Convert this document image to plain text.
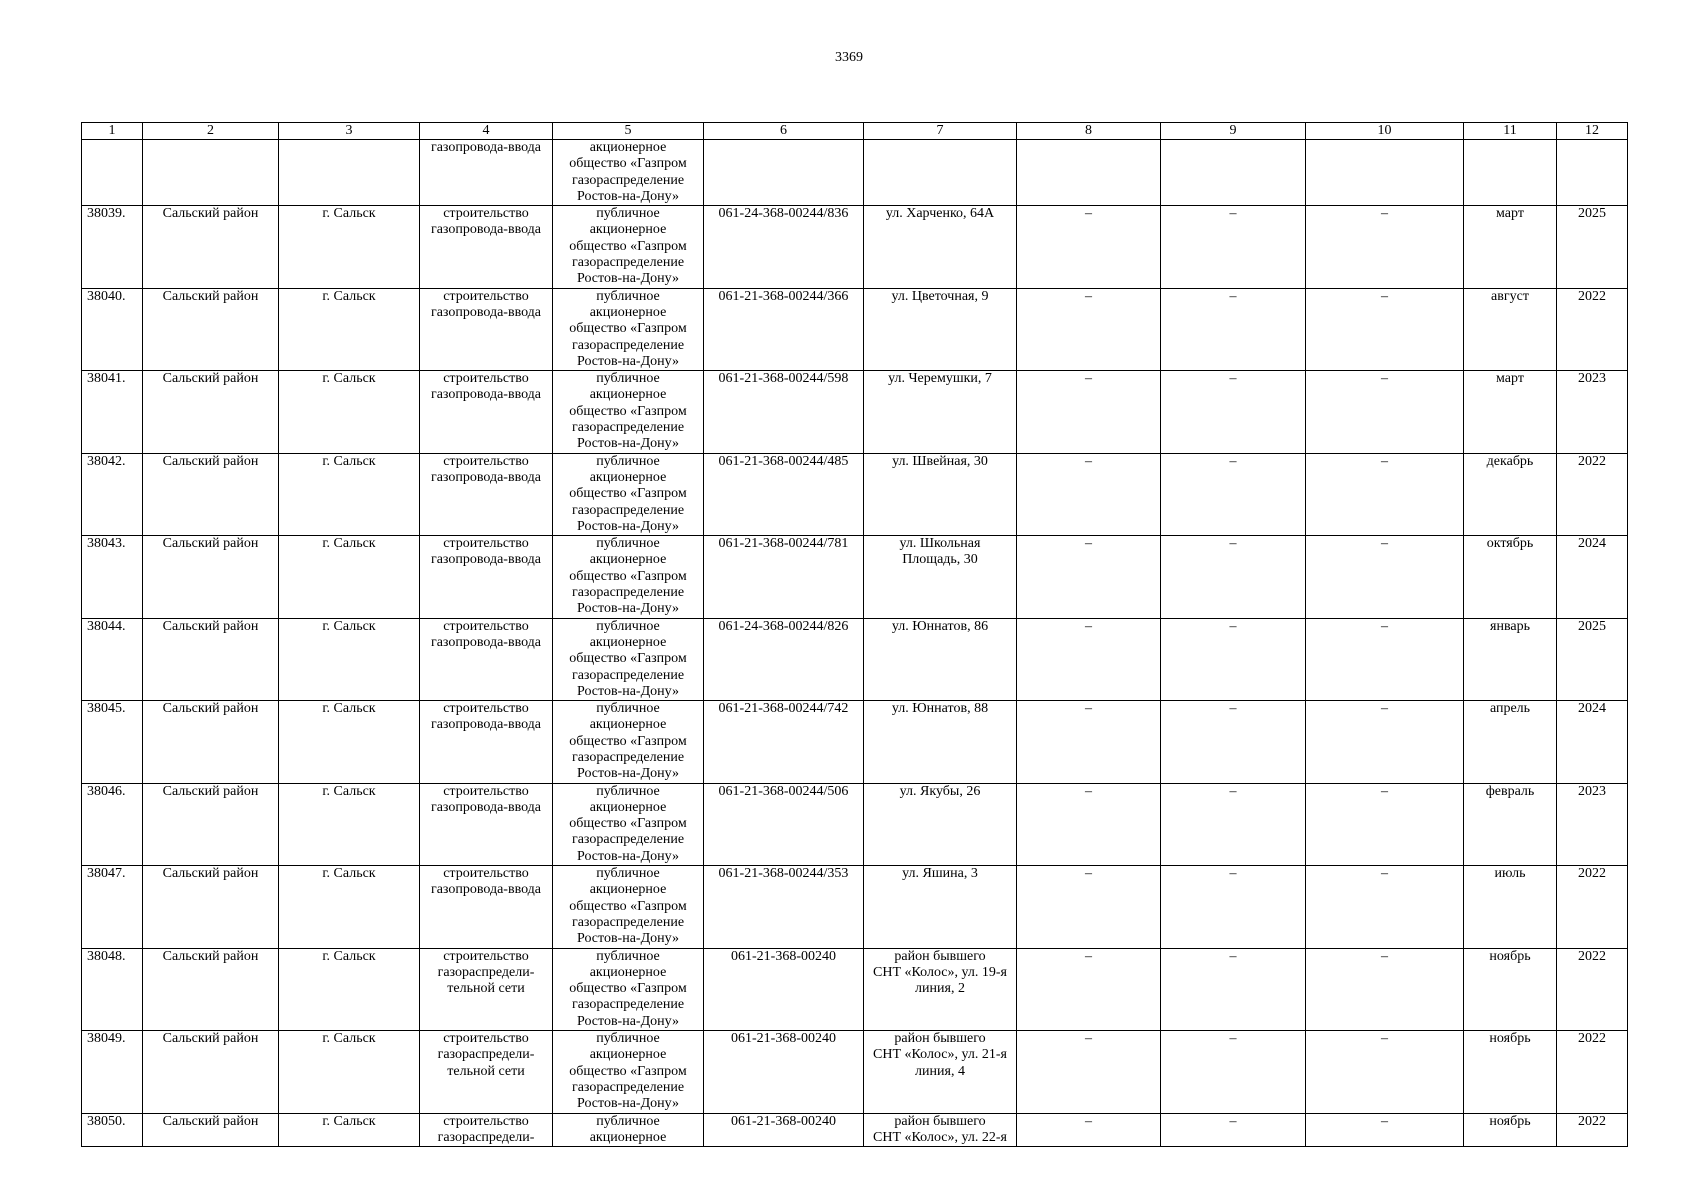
3369
1	2	3	4	5	6	7	8	9	10	11	12

			газопровода-ввода	акционерное
общество «Газпром
газораспределение
Ростов-на-Дону»							

38039.	Сальский район	г. Сальск	строительство
газопровода-ввода	публичное
акционерное
общество «Газпром
газораспределение
Ростов-на-Дону»	061-24-368-00244/836	ул. Харченко, 64А	–	–	–	март	2025

38040.	Сальский район	г. Сальск	строительство
газопровода-ввода	публичное
акционерное
общество «Газпром
газораспределение
Ростов-на-Дону»	061-21-368-00244/366	ул. Цветочная, 9	–	–	–	август	2022

38041.	Сальский район	г. Сальск	строительство
газопровода-ввода	публичное
акционерное
общество «Газпром
газораспределение
Ростов-на-Дону»	061-21-368-00244/598	ул. Черемушки, 7	–	–	–	март	2023

38042.	Сальский район	г. Сальск	строительство
газопровода-ввода	публичное
акционерное
общество «Газпром
газораспределение
Ростов-на-Дону»	061-21-368-00244/485	ул. Швейная, 30	–	–	–	декабрь	2022

38043.	Сальский район	г. Сальск	строительство
газопровода-ввода	публичное
акционерное
общество «Газпром
газораспределение
Ростов-на-Дону»	061-21-368-00244/781	ул. Школьная
Площадь, 30	–	–	–	октябрь	2024

38044.	Сальский район	г. Сальск	строительство
газопровода-ввода	публичное
акционерное
общество «Газпром
газораспределение
Ростов-на-Дону»	061-24-368-00244/826	ул. Юннатов, 86	–	–	–	январь	2025

38045.	Сальский район	г. Сальск	строительство
газопровода-ввода	публичное
акционерное
общество «Газпром
газораспределение
Ростов-на-Дону»	061-21-368-00244/742	ул. Юннатов, 88	–	–	–	апрель	2024

38046.	Сальский район	г. Сальск	строительство
газопровода-ввода	публичное
акционерное
общество «Газпром
газораспределение
Ростов-на-Дону»	061-21-368-00244/506	ул. Якубы, 26	–	–	–	февраль	2023

38047.	Сальский район	г. Сальск	строительство
газопровода-ввода	публичное
акционерное
общество «Газпром
газораспределение
Ростов-на-Дону»	061-21-368-00244/353	ул. Яшина, 3	–	–	–	июль	2022

38048.	Сальский район	г. Сальск	строительство
газораспредели-
тельной сети	публичное
акционерное
общество «Газпром
газораспределение
Ростов-на-Дону»	061-21-368-00240	район бывшего
СНТ «Колос», ул. 19-я
линия, 2	–	–	–	ноябрь	2022

38049.	Сальский район	г. Сальск	строительство
газораспредели-
тельной сети	публичное
акционерное
общество «Газпром
газораспределение
Ростов-на-Дону»	061-21-368-00240	район бывшего
СНТ «Колос», ул. 21-я
линия, 4	–	–	–	ноябрь	2022

38050.	Сальский район	г. Сальск	строительство
газораспредели-	публичное
акционерное	061-21-368-00240	район бывшего
СНТ «Колос», ул. 22-я	–	–	–	ноябрь	2022
